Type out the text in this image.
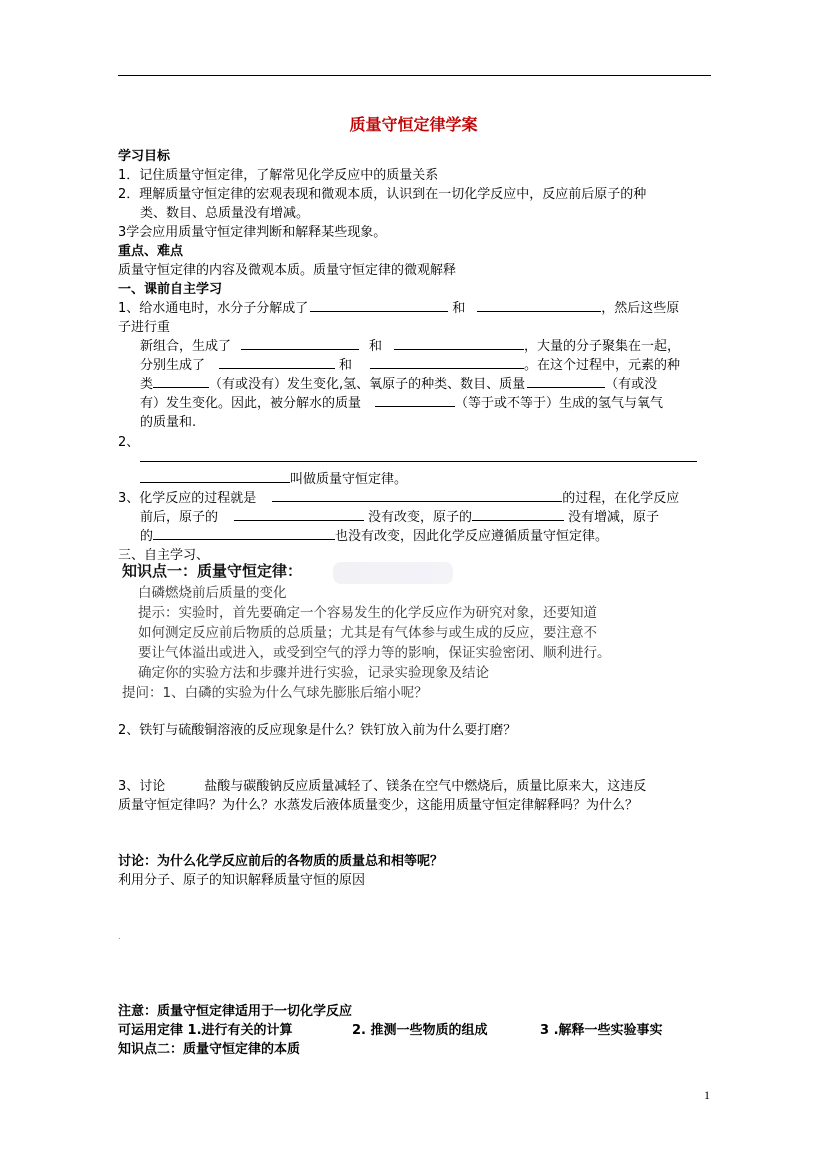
质量守恒定律学案
学习目标
1．记住质量守恒定律，了解常见化学反应中的质量关系
2．理解质量守恒定律的宏观表现和微观本质，认识到在一切化学反应中，反应前后原子的种
类、数目、总质量没有增减。
3学会应用质量守恒定律判断和解释某些现象。
重点、难点
质量守恒定律的内容及微观本质。质量守恒定律的微观解释
一、课前自主学习
1、给水通电时，水分子分解成了	和	，然后这些原
子进行重
新组合，生成了	和	，大量的分子聚集在一起，
分别生成了	和	。在这个过程中，元素的种
类	（有或没有）发生变化,氢、氧原子的种类、数目、质量	（有或没
有）发生变化。因此，被分解水的质量	（等于或不等于）生成的氢气与氧气
的质量和.
2、
叫做质量守恒定律。
3、化学反应的过程就是	的过程，在化学反应
前后，原子的	没有改变，原子的	没有增减，原子
的	也没有改变，因此化学反应遵循质量守恒定律。
三、自主学习、
知识点一：质量守恒定律：
白磷燃烧前后质量的变化
提示：实验时，首先要确定一个容易发生的化学反应作为研究对象，还要知道
如何测定反应前后物质的总质量；尤其是有气体参与或生成的反应，要注意不
要让气体溢出或进入，或受到空气的浮力等的影响，保证实验密闭、顺利进行。
确定你的实验方法和步骤并进行实验，记录实验现象及结论
提问：1、白磷的实验为什么气球先膨胀后缩小呢？
2、铁钉与硫酸铜溶液的反应现象是什么？铁钉放入前为什么要打磨？
3、讨论　　　盐酸与碳酸钠反应质量减轻了、镁条在空气中燃烧后，质量比原来大，这违反
质量守恒定律吗？为什么？水蒸发后液体质量变少，这能用质量守恒定律解释吗？为什么？
讨论：为什么化学反应前后的各物质的质量总和相等呢？
利用分子、原子的知识解释质量守恒的原因
.
注意：质量守恒定律适用于一切化学反应
可运用定律 1.进行有关的计算	2. 推测一些物质的组成	3 .解释一些实验事实
知识点二：质量守恒定律的本质
1
